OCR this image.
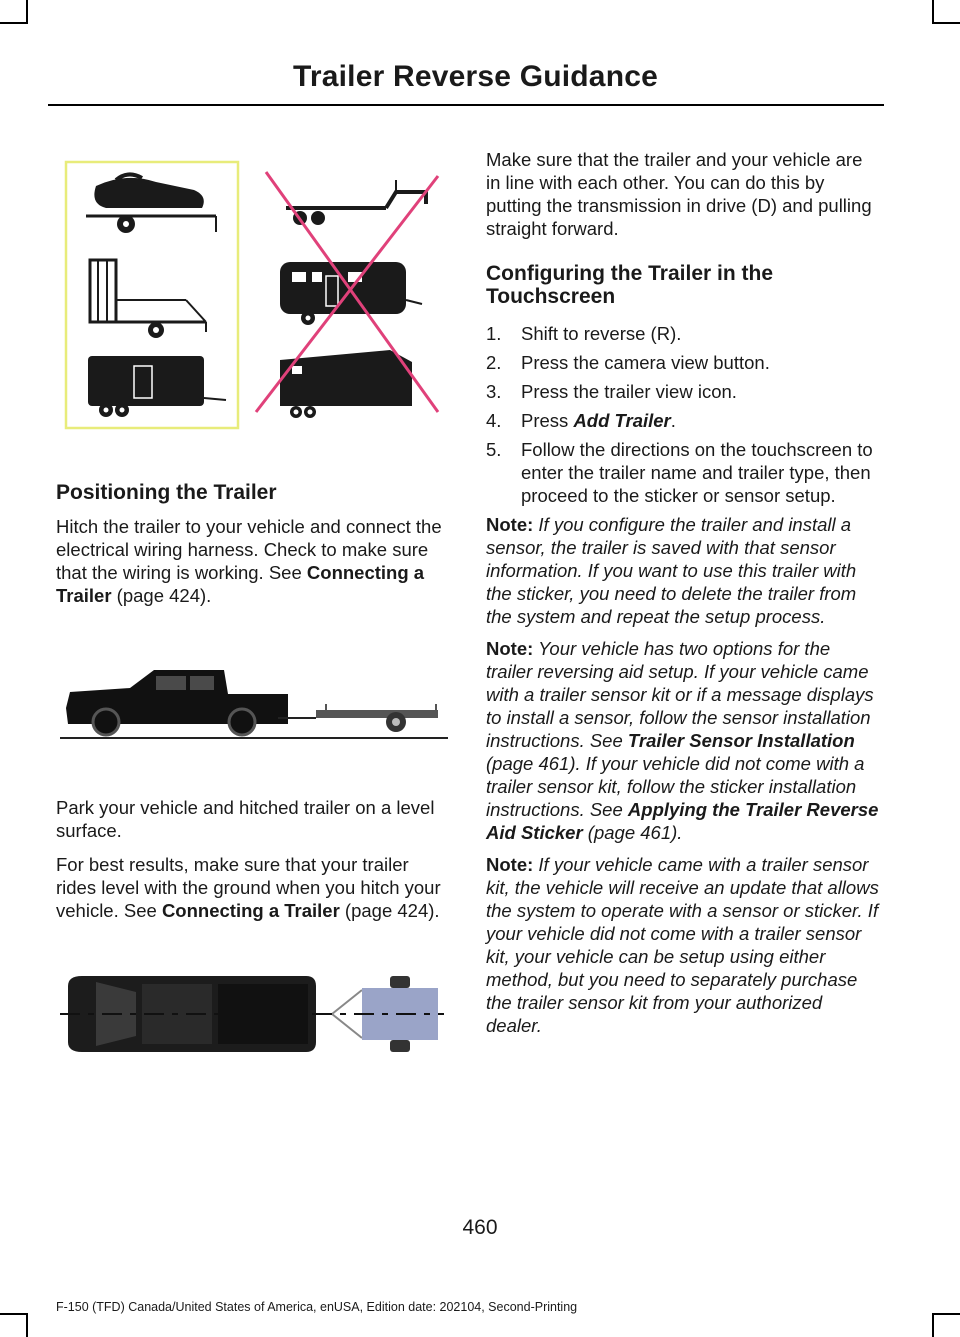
Trailer Reverse Guidance
Positioning the Trailer

Hitch the trailer to your vehicle and connect the electrical wiring harness. Check to make sure that the wiring is working. See Connecting a Trailer (page 424).

Park your vehicle and hitched trailer on a level surface.

For best results, make sure that your trailer rides level with the ground when you hitch your vehicle. See Connecting a Trailer (page 424).

Make sure that the trailer and your vehicle are in line with each other. You can do this by putting the transmission in drive (D) and pulling straight forward.

Configuring the Trailer in the Touchscreen
1. Shift to reverse (R).
2. Press the camera view button.
3. Press the trailer view icon.
4. Press Add Trailer.
5. Follow the directions on the touchscreen to enter the trailer name and trailer type, then proceed to the sticker or sensor setup.

Note: If you configure the trailer and install a sensor, the trailer is saved with that sensor information. If you want to use this trailer with the sticker, you need to delete the trailer from the system and repeat the setup process.

Note: Your vehicle has two options for the trailer reversing aid setup. If your vehicle came with a trailer sensor kit or if a message displays to install a sensor, follow the sensor installation instructions. See Trailer Sensor Installation (page 461). If your vehicle did not come with a trailer sensor kit, follow the sticker installation instructions. See Applying the Trailer Reverse Aid Sticker (page 461).

Note: If your vehicle came with a trailer sensor kit, the vehicle will receive an update that allows the system to operate with a sensor or sticker. If your vehicle did not come with a trailer sensor kit, your vehicle can be setup using either method, but you need to separately purchase the trailer sensor kit from your authorized dealer.

460
F-150 (TFD) Canada/United States of America, enUSA, Edition date: 202104, Second-Printing
